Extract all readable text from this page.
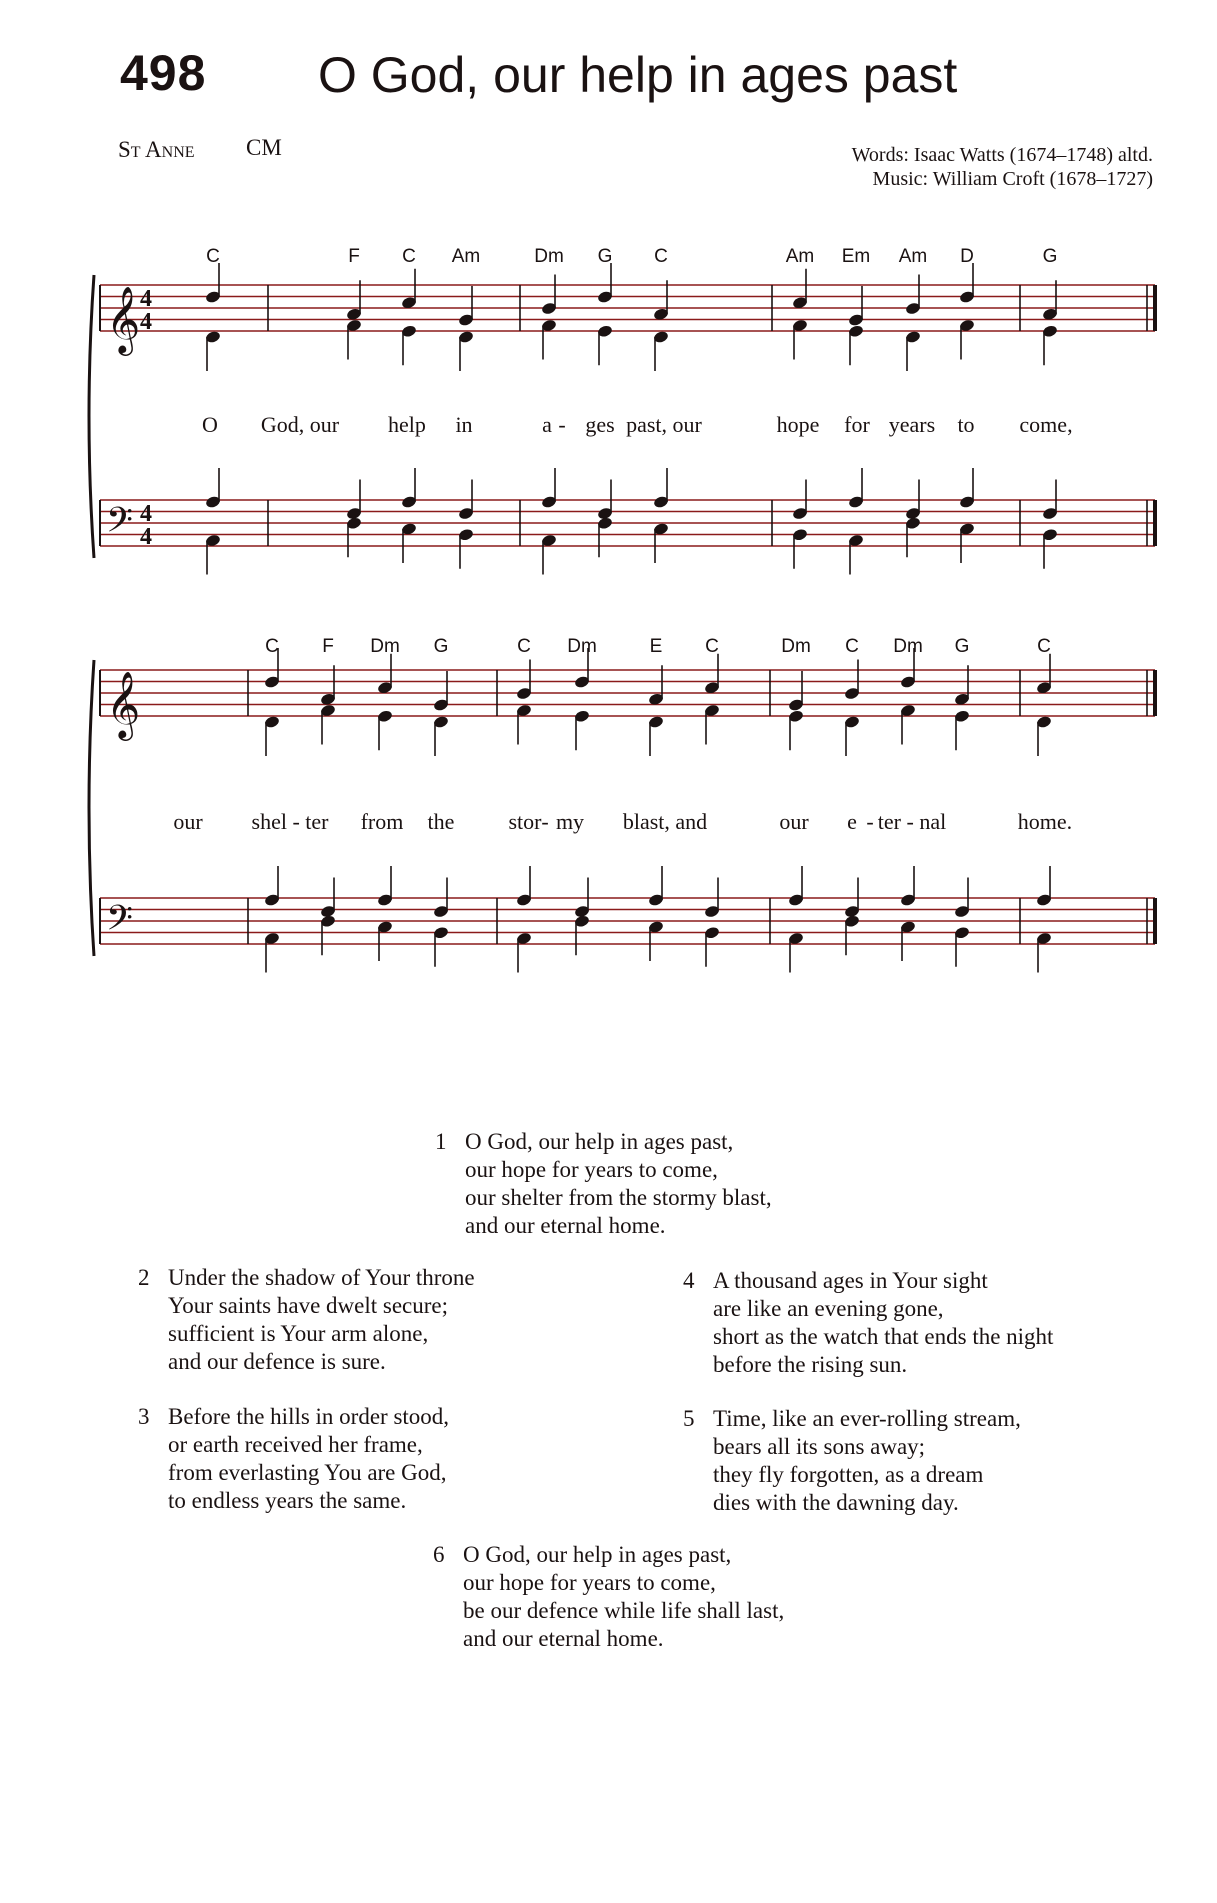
498 O God, our help in ages past
St Anne CM	Words: Isaac Watts (1674–1748) altd.
Music: William Croft (1678–1727)
𝄞 4
4
𝄢 4
4
C	F C Am	Dm G C	Am Em Am D	G
O God, our help in	a - ges past, our	hope for years to come,
𝄞
𝄢
C F Dm G	C Dm	E C	Dm C Dm G	C
our shel - ter from the stor - my blast, and	our e - ter - nal	home.
1 O God, our help in ages past,
our hope for years to come,
our shelter from the stormy blast,
and our eternal home.
2 Under the shadow of Your throne
Your saints have dwelt secure;
sufficient is Your arm alone,
and our defence is sure.
3 Before the hills in order stood,
or earth received her frame,
from everlasting You are God,
to endless years the same.
4 A thousand ages in Your sight
are like an evening gone,
short as the watch that ends the night
before the rising sun.
5 Time, like an ever-rolling stream,
bears all its sons away;
they fly forgotten, as a dream
dies with the dawning day.
6 O God, our help in ages past,
our hope for years to come,
be our defence while life shall last,
and our eternal home.
